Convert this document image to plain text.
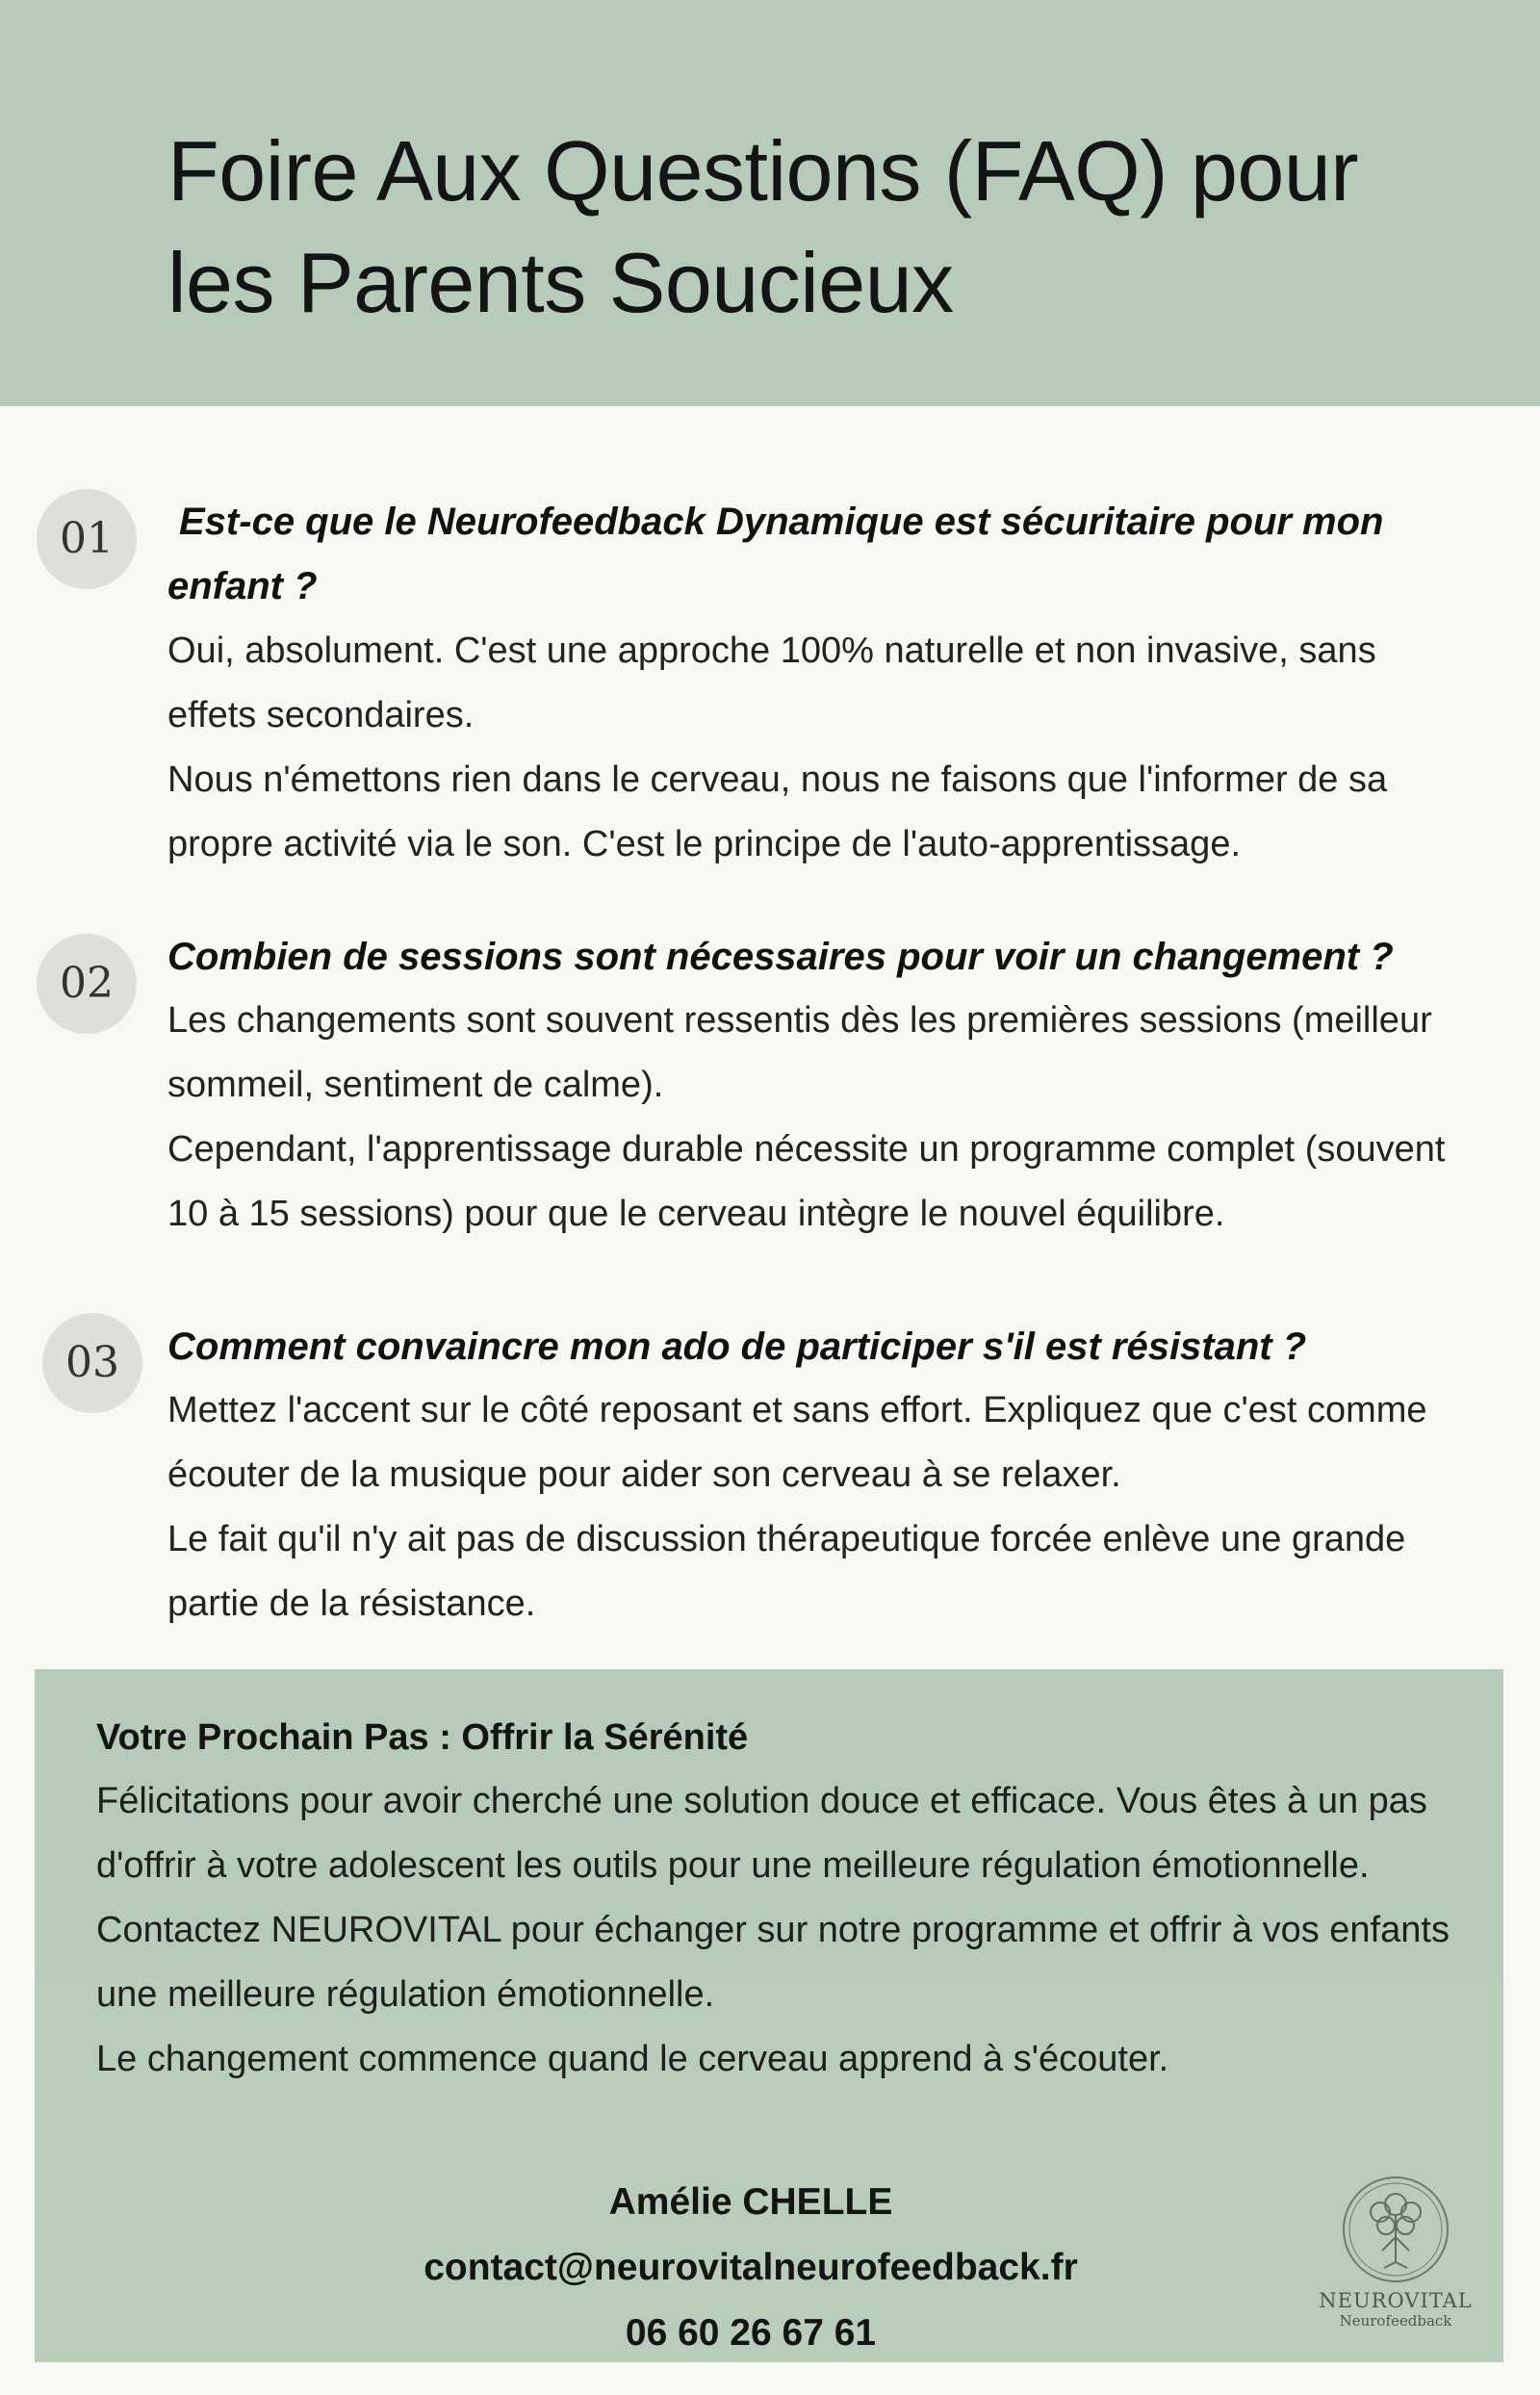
Foire Aux Questions (FAQ) pour
les Parents Soucieux
01	Est-ce que le Neurofeedback Dynamique est sécuritaire pour mon enfant ?

Oui, absolument. C'est une approche 100% naturelle et non invasive, sans effets secondaires.

Nous n'émettons rien dans le cerveau, nous ne faisons que l'informer de sa propre activité via le son. C'est le principe de l'auto-apprentissage.

02

Combien de sessions sont nécessaires pour voir un changement ?

Les changements sont souvent ressentis dès les premières sessions (meilleur sommeil, sentiment de calme).

Cependant, l'apprentissage durable nécessite un programme complet (souvent 10 à 15 sessions) pour que le cerveau intègre le nouvel équilibre.

03	Comment convaincre mon ado de participer s'il est résistant ?

Mettez l'accent sur le côté reposant et sans effort. Expliquez que c'est comme écouter de la musique pour aider son cerveau à se relaxer.

Le fait qu'il n'y ait pas de discussion thérapeutique forcée enlève une grande partie de la résistance.

Votre Prochain Pas : Offrir la Sérénité

Félicitations pour avoir cherché une solution douce et efficace. Vous êtes à un pas d'offrir à votre adolescent les outils pour une meilleure régulation émotionnelle.

Contactez NEUROVITAL pour échanger sur notre programme et offrir à vos enfants une meilleure régulation émotionnelle.

Le changement commence quand le cerveau apprend à s'écouter.

Amélie CHELLE
contact@neurovitalneurofeedback.fr
06 60 26 67 61
NEUROVITAL
Neurofeedback
